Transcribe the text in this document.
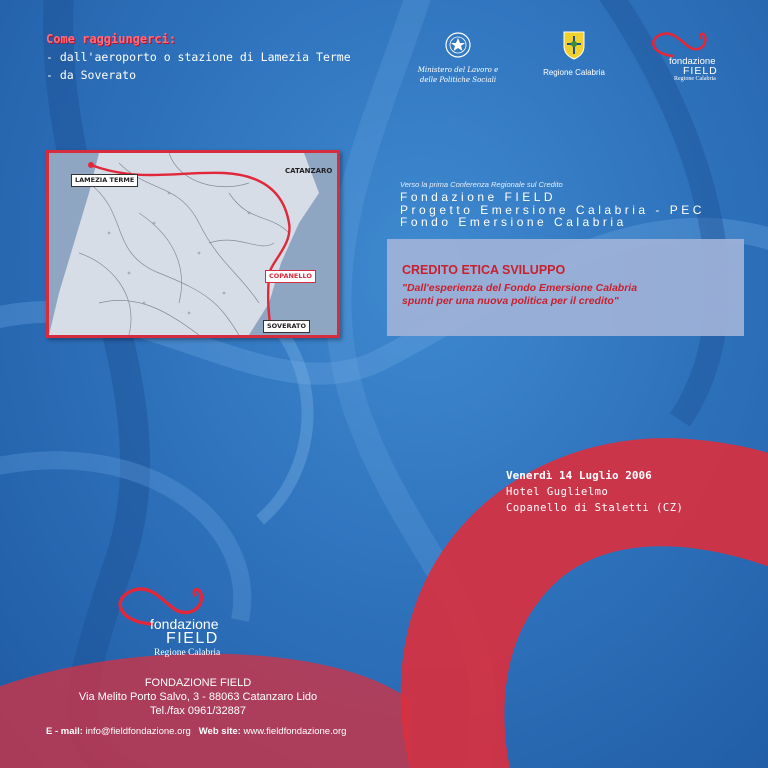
Come raggiungerci:
- dall'aeroporto o stazione di Lamezia Terme
- da Soverato
LAMEZIA TERME
CATANZARO
COPANELLO
SOVERATO
Ministero del Lavoro e
delle Politiche Sociali
Regione Calabria
fondazione
FIELD
Regione Calabria
Verso la prima Conferenza Regionale sul Credito
Fondazione FIELD
Progetto Emersione Calabria - PEC
Fondo Emersione Calabria
CREDITO ETICA SVILUPPO
"Dall'esperienza del Fondo Emersione Calabria
spunti per una nuova politica per il credito"
Venerdì 14 Luglio 2006
Hotel Guglielmo
Copanello di Staletti (CZ)
fondazione
FIELD
Regione Calabria
FONDAZIONE FIELD
Via Melito Porto Salvo, 3 - 88063 Catanzaro Lido
Tel./fax 0961/32887
E - mail: info@fieldfondazione.org Web site: www.fieldfondazione.org
